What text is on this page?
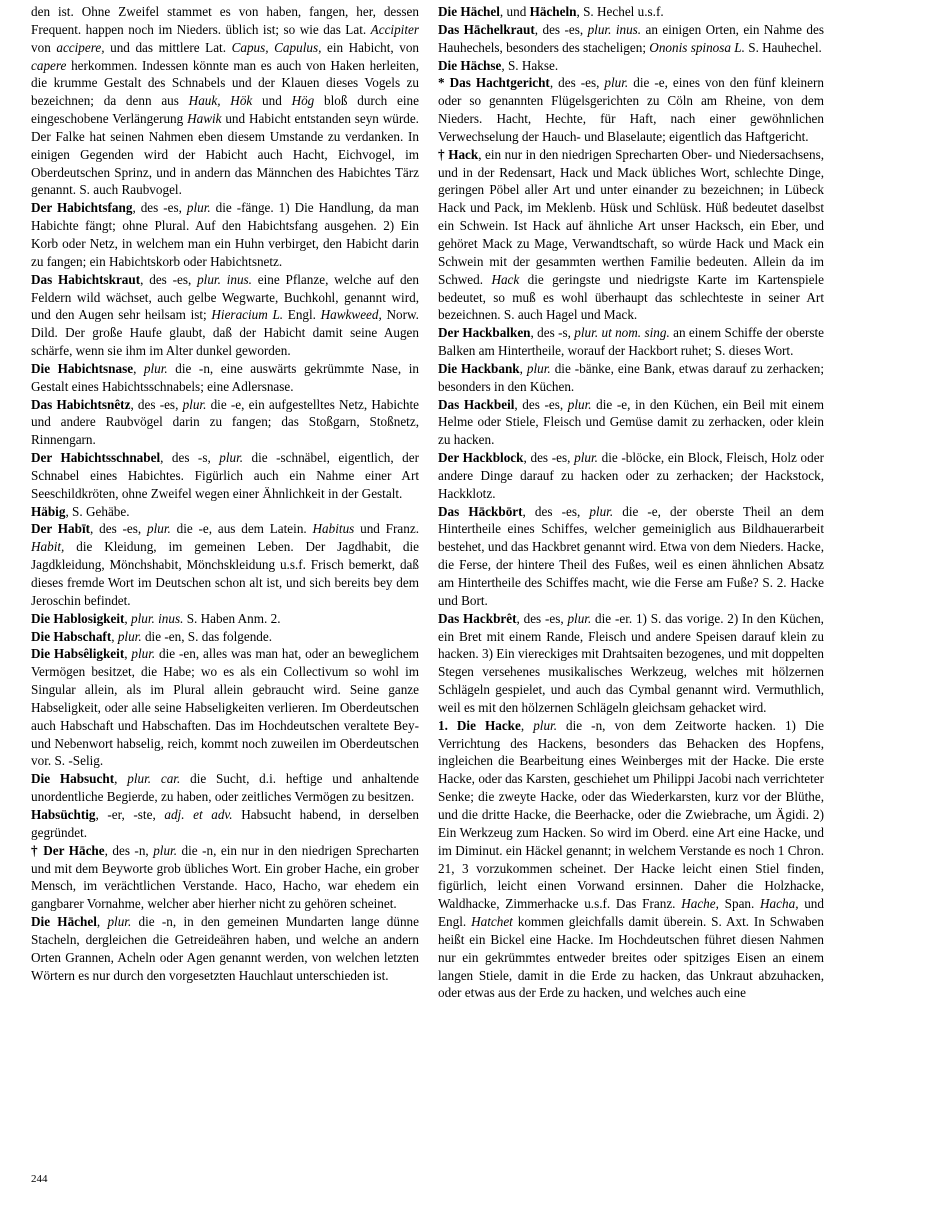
den ist. Ohne Zweifel stammet es von haben, fangen, her, dessen Frequent. happen noch im Nieders. üblich ist; so wie das Lat. Accipiter von accipere, und das mittlere Lat. Capus, Capulus, ein Habicht, von capere herkommen. Indessen könnte man es auch von Haken herleiten, die krumme Gestalt des Schnabels und der Klauen dieses Vogels zu bezeichnen; da denn aus Hauk, Hök und Hög bloß durch eine eingeschobene Verlängerung Hawik und Habicht entstanden seyn würde. Der Falke hat seinen Nahmen eben diesem Umstande zu verdanken. In einigen Gegenden wird der Habicht auch Hacht, Eichvogel, im Oberdeutschen Sprinz, und in andern das Männchen des Habichtes Tärz genannt. S. auch Raubvogel.

Der Habichtsfang, des -es, plur. die -fänge. 1) Die Handlung, da man Habichte fängt; ohne Plural. Auf den Habichtsfang ausgehen. 2) Ein Korb oder Netz, in welchem man ein Huhn verbirget, den Habicht darin zu fangen; ein Habichtskorb oder Habichtsnetz.

Das Habichtskraut, des -es, plur. inus. eine Pflanze, welche auf den Feldern wild wächset, auch gelbe Wegwarte, Buchkohl, genannt wird, und den Augen sehr heilsam ist; Hieracium L. Engl. Hawkweed, Norw. Dild. Der große Haufe glaubt, daß der Habicht damit seine Augen schärfe, wenn sie ihm im Alter dunkel geworden.

Die Habichtsnase, plur. die -n, eine auswärts gekrümmte Nase, in Gestalt eines Habichtsschnabels; eine Adlersnase.

Das Habichtsnêtz, des -es, plur. die -e, ein aufgestelltes Netz, Habichte und andere Raubvögel darin zu fangen; das Stoßgarn, Stoßnetz, Rinnengarn.

Der Habichtsschnabel, des -s, plur. die -schnäbel, eigentlich, der Schnabel eines Habichtes. Figürlich auch ein Nahme einer Art Seeschildkröten, ohne Zweifel wegen einer Ähnlichkeit in der Gestalt.

Häbig, S. Gehäbe.

Der Habīt, des -es, plur. die -e, aus dem Latein. Habitus und Franz. Habit, die Kleidung, im gemeinen Leben. Der Jagdhabit, die Jagdkleidung, Mönchshabit, Mönchskleidung u.s.f. Frisch bemerkt, daß dieses fremde Wort im Deutschen schon alt ist, und sich bereits bey dem Jeroschin befindet.

Die Hablosigkeit, plur. inus. S. Haben Anm. 2.

Die Habschaft, plur. die -en, S. das folgende.

Die Habsêligkeit, plur. die -en, alles was man hat, oder an beweglichem Vermögen besitzet, die Habe; wo es als ein Collectivum so wohl im Singular allein, als im Plural allein gebraucht wird. Seine ganze Habseligkeit, oder alle seine Habseligkeiten verlieren. Im Oberdeutschen auch Habschaft und Habschaften. Das im Hochdeutschen veraltete Bey- und Nebenwort habselig, reich, kommt noch zuweilen im Oberdeutschen vor. S. -Selig.

Die Habsucht, plur. car. die Sucht, d.i. heftige und anhaltende unordentliche Begierde, zu haben, oder zeitliches Vermögen zu besitzen.

Habsüchtig, -er, -ste, adj. et adv. Habsucht habend, in derselben gegründet.

† Der Hāche, des -n, plur. die -n, ein nur in den niedrigen Sprecharten und mit dem Beyworte grob übliches Wort. Ein grober Hache, ein grober Mensch, im verächtlichen Verstande. Haco, Hacho, war ehedem ein gangbarer Vornahme, welcher aber hierher nicht zu gehören scheinet.

Die Hāchel, plur. die -n, in den gemeinen Mundarten lange dünne Stacheln, dergleichen die Getreideähren haben, und welche an andern Orten Grannen, Acheln oder Agen genannt werden, von welchen letzten Wörtern es nur durch den vorgesetzten Hauchlaut unterschieden ist.

Die Hächel, und Hächeln, S. Hechel u.s.f.

Das Hāchelkraut, des -es, plur. inus. an einigen Orten, ein Nahme des Hauhechels, besonders des stacheligen; Ononis spinosa L. S. Hauhechel.

Die Hächse, S. Hakse.

* Das Hachtgericht, des -es, plur. die -e, eines von den fünf kleinern oder so genannten Flügelsgerichten zu Cöln am Rheine, von dem Nieders. Hacht, Hechte, für Haft, nach einer gewöhnlichen Verwechselung der Hauch- und Blaselaute; eigentlich das Haftgericht.

† Hack, ein nur in den niedrigen Sprecharten Ober- und Niedersachsens, und in der Redensart, Hack und Mack übliches Wort, schlechte Dinge, geringen Pöbel aller Art und unter einander zu bezeichnen; in Lübeck Hack und Pack, im Meklenb. Hüsk und Schlüsk. Hüß bedeutet daselbst ein Schwein. Ist Hack auf ähnliche Art unser Hacksch, ein Eber, und gehöret Mack zu Mage, Verwandtschaft, so würde Hack und Mack ein Schwein mit der gesammten werthen Familie bedeuten. Allein da im Schwed. Hack die geringste und niedrigste Karte im Kartenspiele bedeutet, so muß es wohl überhaupt das schlechteste in seiner Art bezeichnen. S. auch Hagel und Mack.

Der Hackbalken, des -s, plur. ut nom. sing. an einem Schiffe der oberste Balken am Hintertheile, worauf der Hackbort ruhet; S. dieses Wort.

Die Hackbank, plur. die -bänke, eine Bank, etwas darauf zu zerhacken; besonders in den Küchen.

Das Hackbeil, des -es, plur. die -e, in den Küchen, ein Beil mit einem Helme oder Stiele, Fleisch und Gemüse damit zu zerhacken, oder klein zu hacken.

Der Hackblock, des -es, plur. die -blöcke, ein Block, Fleisch, Holz oder andere Dinge darauf zu hacken oder zu zerhacken; der Hackstock, Hackklotz.

Das Hāckbōrt, des -es, plur. die -e, der oberste Theil an dem Hintertheile eines Schiffes, welcher gemeiniglich aus Bildhauerarbeit bestehet, und das Hackbret genannt wird. Etwa von dem Nieders. Hacke, die Ferse, der hintere Theil des Fußes, weil es einen ähnlichen Absatz am Hintertheile des Schiffes macht, wie die Ferse am Fuße? S. 2. Hacke und Bort.

Das Hackbrêt, des -es, plur. die -er. 1) S. das vorige. 2) In den Küchen, ein Bret mit einem Rande, Fleisch und andere Speisen darauf klein zu hacken. 3) Ein viereckiges mit Drahtsaiten bezogenes, und mit doppelten Stegen versehenes musikalisches Werkzeug, welches mit hölzernen Schlägeln gespielet, und auch das Cymbal genannt wird. Vermuthlich, weil es mit den hölzernen Schlägeln gleichsam gehacket wird.

1. Die Hacke, plur. die -n, von dem Zeitworte hacken. 1) Die Verrichtung des Hackens, besonders das Behacken des Hopfens, ingleichen die Bearbeitung eines Weinberges mit der Hacke. Die erste Hacke, oder das Karsten, geschiehet um Philippi Jacobi nach verrichteter Senke; die zweyte Hacke, oder das Wiederkarsten, kurz vor der Blüthe, und die dritte Hacke, die Beerhacke, oder die Zwiebrache, um Ägidi. 2) Ein Werkzeug zum Hacken. So wird im Oberd. eine Art eine Hacke, und im Diminut. ein Häckel genannt; in welchem Verstande es noch 1 Chron. 21, 3 vorzukommen scheinet. Der Hacke leicht einen Stiel finden, figürlich, leicht einen Vorwand ersinnen. Daher die Holzhacke, Waldhacke, Zimmerhacke u.s.f. Das Franz. Hache, Span. Hacha, und Engl. Hatchet kommen gleichfalls damit überein. S. Axt. In Schwaben heißt ein Bickel eine Hacke. Im Hochdeutschen führet diesen Nahmen nur ein gekrümmtes entweder breites oder spitziges Eisen an einem langen Stiele, damit in die Erde zu hacken, das Unkraut abzuhacken, oder etwas aus der Erde zu hacken, und welches auch eine

244
